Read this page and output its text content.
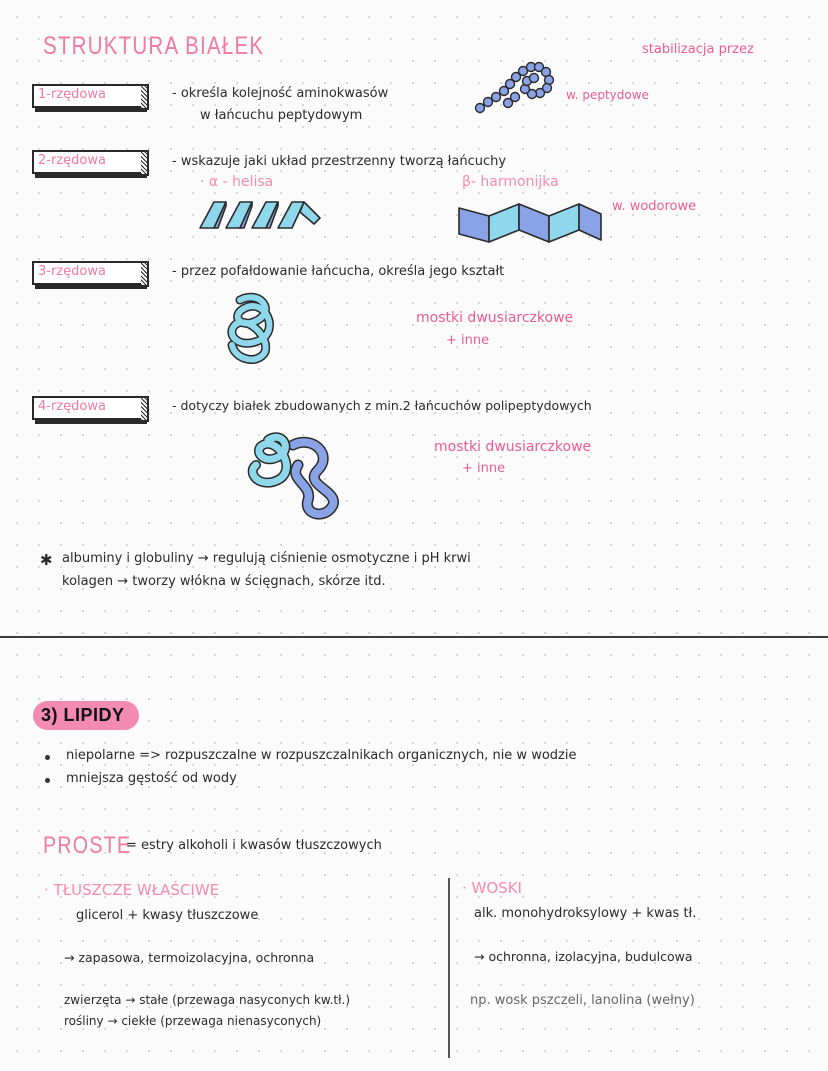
STRUKTURA BIAŁEK	stabilizacja przez
1-rzędowa	- określa kolejność aminokwasów
w łańcuchu peptydowym
w. peptydowe
2-rzędowa	- wskazuje jaki układ przestrzenny tworzą łańcuchy
· α - helisa	β- harmonijka
w. wodorowe
3-rzędowa	- przez pofałdowanie łańcucha, określa jego kształt
mostki dwusiarczkowe
+ inne
4-rzędowa	- dotyczy białek zbudowanych z min.2 łańcuchów polipeptydowych
mostki dwusiarczkowe
+ inne
✱ albuminy i globuliny → regulują ciśnienie osmotyczne i pH krwi
kolagen → tworzy włókna w ścięgnach, skórze itd.
3) LIPIDY
niepolarne => rozpuszczalne w rozpuszczalnikach organicznych, nie w wodzie
mniejsza gęstość od wody
PROSTE
= estry alkoholi i kwasów tłuszczowych
· TŁUSZCZE WŁAŚCIWE
glicerol + kwasy tłuszczowe
→ zapasowa, termoizolacyjna, ochronna
zwierzęta → stałe (przewaga nasyconych kw.tł.)
rośliny → ciekłe (przewaga nienasyconych)
· WOSKI
alk. monohydroksylowy + kwas tł.
→ ochronna, izolacyjna, budulcowa
np. wosk pszczeli, lanolina (wełny)
